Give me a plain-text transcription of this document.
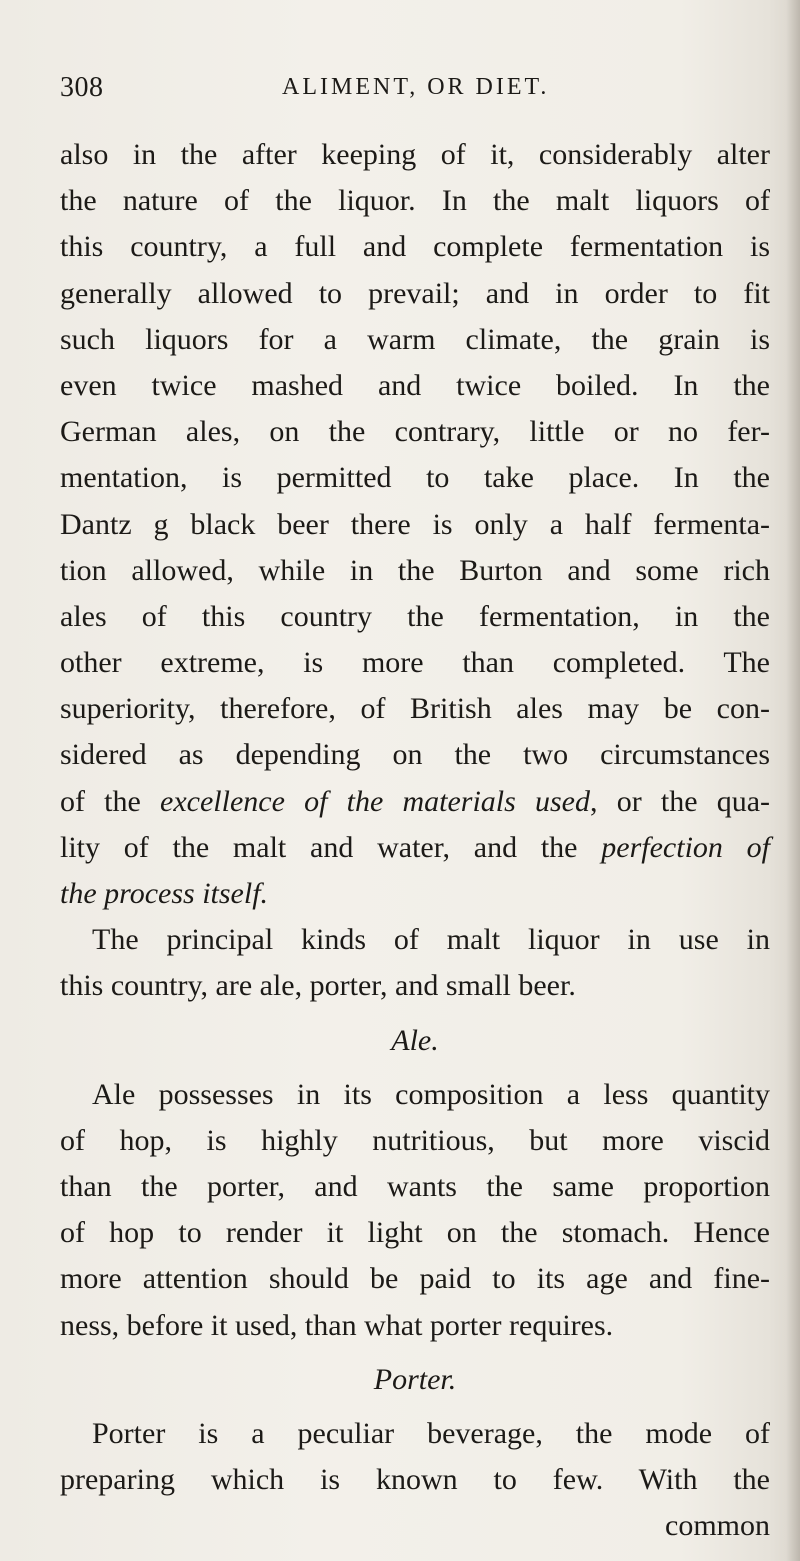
308	ALIMENT, OR DIET.
also in the after keeping of it, considerably alter
the nature of the liquor. In the malt liquors of
this country, a full and complete fermentation is
generally allowed to prevail; and in order to fit
such liquors for a warm climate, the grain is
even twice mashed and twice boiled. In the
German ales, on the contrary, little or no fer-
mentation, is permitted to take place. In the
Dantz g black beer there is only a half fermenta-
tion allowed, while in the Burton and some rich
ales of this country the fermentation, in the
other extreme, is more than completed. The
superiority, therefore, of British ales may be con-
sidered as depending on the two circumstances
of the excellence of the materials used, or the qua-
lity of the malt and water, and the perfection of
the process itself.
The principal kinds of malt liquor in use in
this country, are ale, porter, and small beer.
Ale.
Ale possesses in its composition a less quantity
of hop, is highly nutritious, but more viscid
than the porter, and wants the same proportion
of hop to render it light on the stomach. Hence
more attention should be paid to its age and fine-
ness, before it used, than what porter requires.
Porter.
Porter is a peculiar beverage, the mode of
preparing which is known to few. With the
common
